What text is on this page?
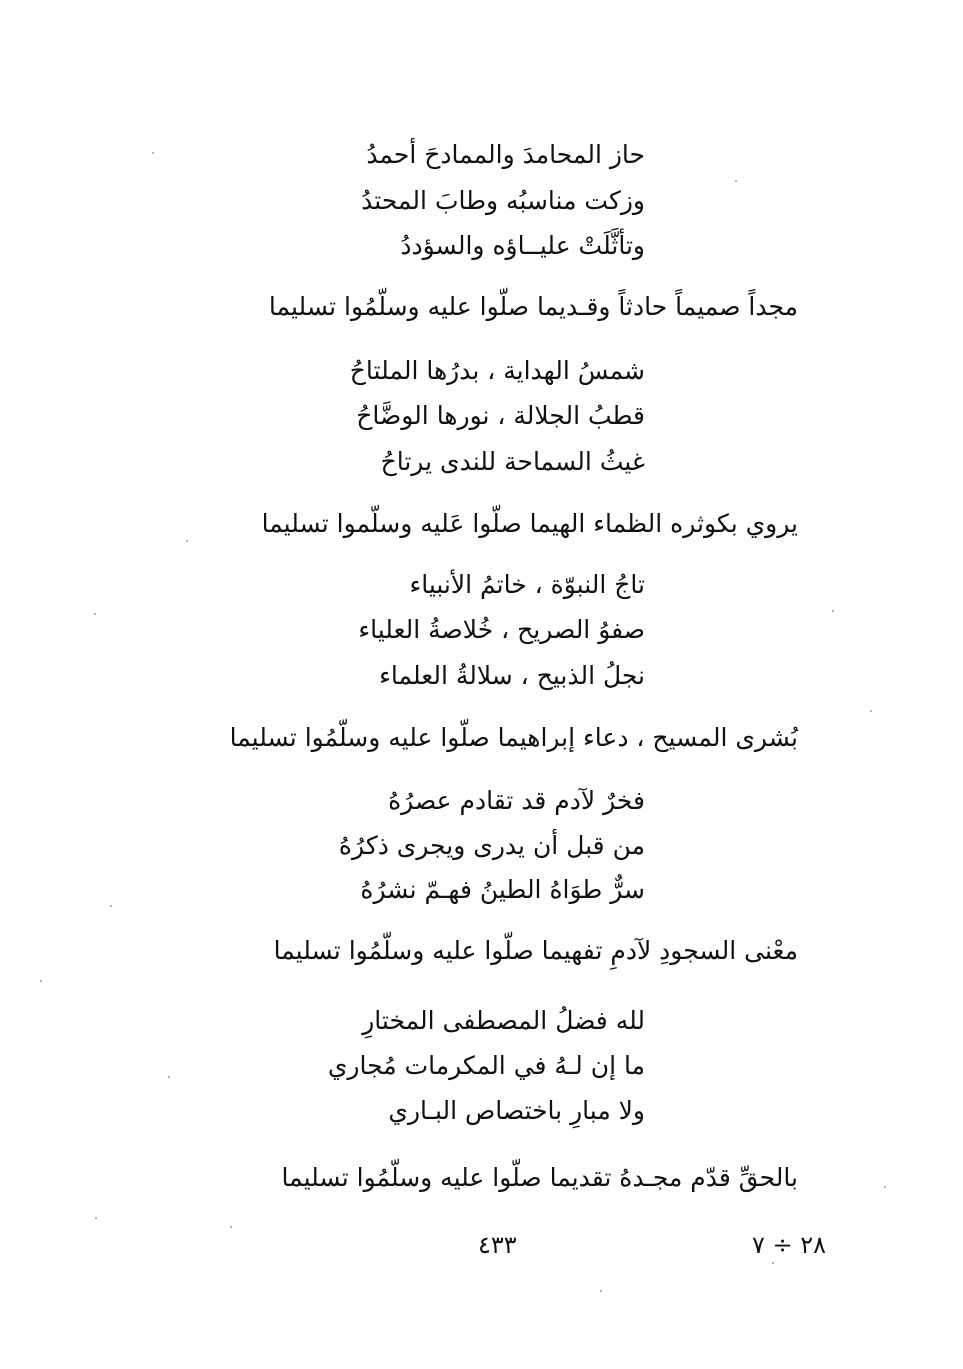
حاز المحامدَ والممادحَ أحمدُ
وزكت مناسبُه وطابَ المحتدُ
وتأثَّلَتْ عليــاؤه والسؤددُ
مجداً صميماً حادثاً وقـديما صلّوا عليه وسلّمُوا تسليما
شمسُ الهداية ، بدرُها الملتاحُ
قطبُ الجلالة ، نورها الوضَّاحُ
غيثُ السماحة للندى يرتاحُ
يروي بكوثره الظماء الهيما صلّوا عَليه وسلّموا تسليما
تاجُ النبوّة ، خاتمُ الأنبياء
صفوُ الصريح ، خُلاصةُ العلياء
نجلُ الذبيح ، سلالةُ العلماء
بُشرى المسيح ، دعاء إبراهيما صلّوا عليه وسلّمُوا تسليما
فخرٌ لآدم قد تقادم عصرُهُ
من قبل أن يدرى ويجرى ذكرُهُ
سرٌّ طوَاهُ الطينُ فهـمّ نشرُهُ
معْنى السجودِ لآدمِ تفهيما صلّوا عليه وسلّمُوا تسليما
لله فضلُ المصطفى المختارِ
ما إن لـهُ في المكرمات مُجاري
ولا مبارِ باختصاص البـاري
بالحقِّ قدّم مجـدهُ تقديما صلّوا عليه وسلّمُوا تسليما
٤٣٣	٢٨ ÷ ٧
